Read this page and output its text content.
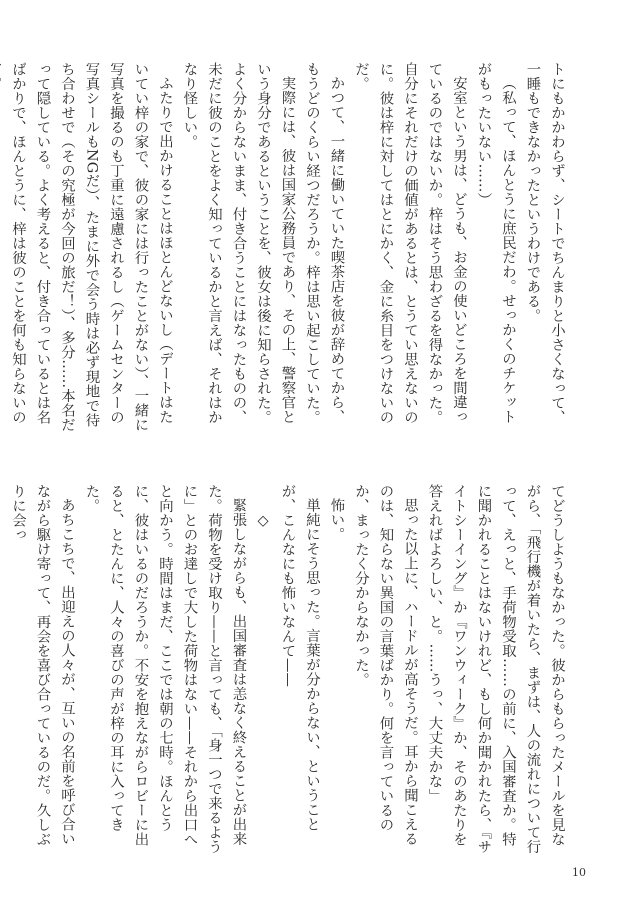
トにもかかわらず、シートでちんまりと小さくなって、一睡もできなかったというわけである。

（私って、ほんとうに庶民だわ。せっかくのチケットがもったいない……）

安室という男は、どうも、お金の使いどころを間違っているのではないか。梓はそう思わざるを得なかった。自分にそれだけの価値があるとは、とうてい思えないのに。彼は梓に対してはとにかく、金に糸目をつけないのだ。

かつて、一緒に働いていた喫茶店を彼が辞めてから、もうどのくらい経つだろうか。梓は思い起こしていた。

実際には、彼は国家公務員であり、その上、警察官という身分であるということを、彼女は後に知らされた。よく分からないまま、付き合うことにはなったものの、未だに彼のことをよく知っているかと言えば、それはかなり怪しい。

ふたりで出かけることはほとんどないし（デートはたいてい梓の家で、彼の家には行ったことがない）、一緒に写真を撮るのも丁重に遠慮されるし（ゲームセンターの写真シールもNGだ）、たまに外で会う時は必ず現地で待ち合わせで（その究極が今回の旅だ！）、多分……本名だって隠している。よく考えると、付き合っているとは名ばかりで、ほんとうに、梓は彼のことを何も知らないの

てどうしようもなかった。彼からもらったメールを見ながら、「飛行機が着いたら、まずは、人の流れについて行って、えっと、手荷物受取……の前に、入国審査か。特に聞かれることはないけれど、もし何か聞かれたら、『サイトシーイング』か『ワンウィーク』か、そのあたりを答えればよろしい、と。……うっ、大丈夫かな」

思った以上に、ハードルが高そうだ。耳から聞こえるのは、知らない異国の言葉ばかり。何を言っているのか、まったく分からなかった。

怖い。

単純にそう思った。言葉が分からない、ということが、こんなにも怖いなんて——

◇

緊張しながらも、出国審査は恙なく終えることが出来た。荷物を受け取り——と言っても、「身一つで来るように」とのお達しで大した荷物はない——それから出口へと向かう。時間はまだ、ここでは朝の七時。ほんとうに、彼はいるのだろうか。不安を抱えながらロビーに出ると、とたんに、人々の喜びの声が梓の耳に入ってきた。

あちこちで、出迎えの人々が、互いの名前を呼び合いながら駆け寄って、再会を喜び合っているのだ。久しぶりに会っ

10
